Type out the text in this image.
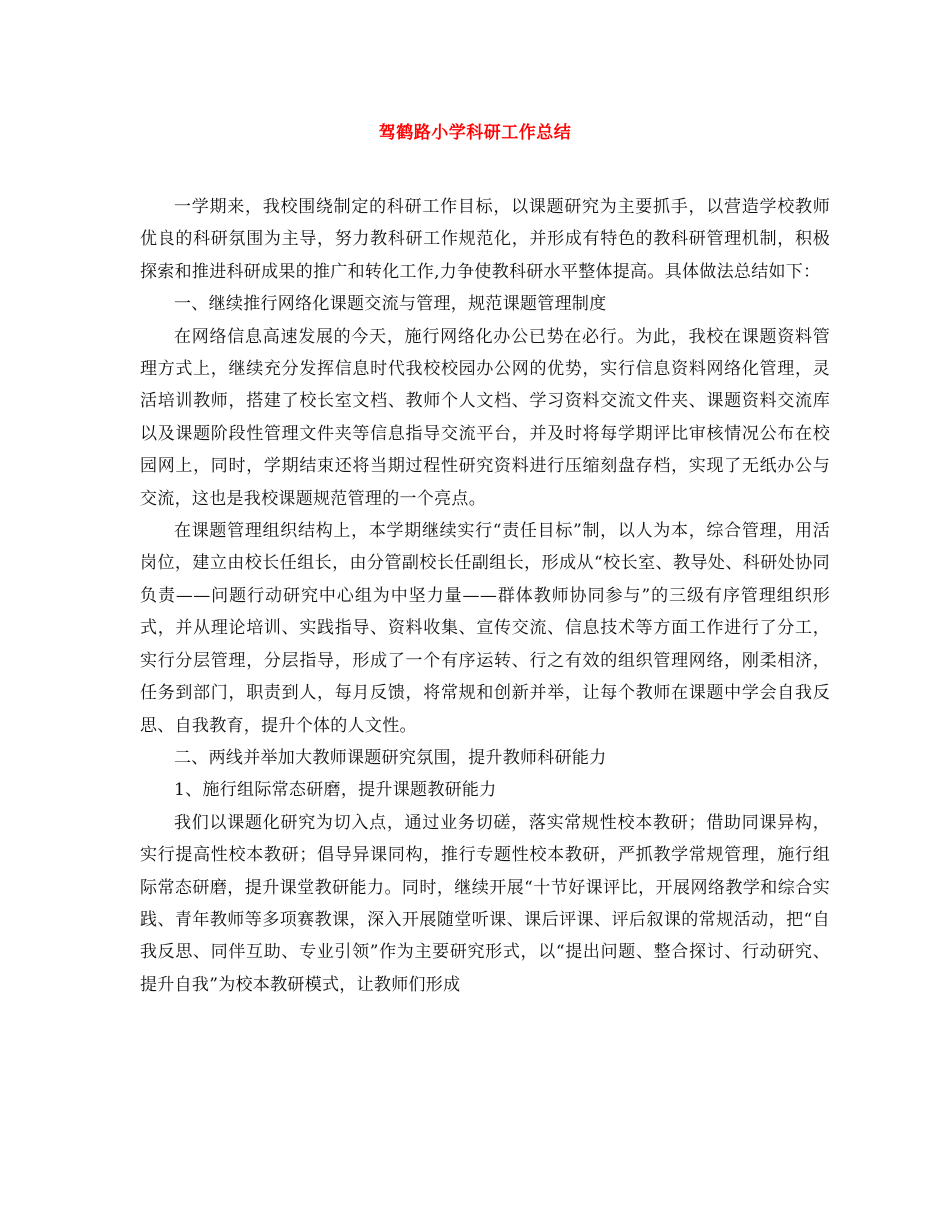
驾鹤路小学科研工作总结

一学期来，我校围绕制定的科研工作目标，以课题研究为主要抓手，以营造学校教师优良的科研氛围为主导，努力教科研工作规范化，并形成有特色的教科研管理机制，积极探索和推进科研成果的推广和转化工作,力争使教科研水平整体提高。具体做法总结如下：

一、继续推行网络化课题交流与管理，规范课题管理制度

在网络信息高速发展的今天，施行网络化办公已势在必行。为此，我校在课题资料管理方式上，继续充分发挥信息时代我校校园办公网的优势，实行信息资料网络化管理，灵活培训教师，搭建了校长室文档、教师个人文档、学习资料交流文件夹、课题资料交流库以及课题阶段性管理文件夹等信息指导交流平台，并及时将每学期评比审核情况公布在校园网上，同时，学期结束还将当期过程性研究资料进行压缩刻盘存档，实现了无纸办公与交流，这也是我校课题规范管理的一个亮点。

在课题管理组织结构上，本学期继续实行“责任目标”制，以人为本，综合管理，用活岗位，建立由校长任组长，由分管副校长任副组长，形成从“校长室、教导处、科研处协同负责——问题行动研究中心组为中坚力量——群体教师协同参与”的三级有序管理组织形式，并从理论培训、实践指导、资料收集、宣传交流、信息技术等方面工作进行了分工，实行分层管理，分层指导，形成了一个有序运转、行之有效的组织管理网络，刚柔相济，任务到部门，职责到人，每月反馈，将常规和创新并举，让每个教师在课题中学会自我反思、自我教育，提升个体的人文性。

二、两线并举加大教师课题研究氛围，提升教师科研能力

1、施行组际常态研磨，提升课题教研能力

我们以课题化研究为切入点，通过业务切磋，落实常规性校本教研；借助同课异构，实行提高性校本教研；倡导异课同构，推行专题性校本教研，严抓教学常规管理，施行组际常态研磨，提升课堂教研能力。同时，继续开展“十节好课评比，开展网络教学和综合实践、青年教师等多项赛教课，深入开展随堂听课、课后评课、评后叙课的常规活动，把“自我反思、同伴互助、专业引领”作为主要研究形式，以“提出问题、整合探讨、行动研究、提升自我”为校本教研模式，让教师们形成
